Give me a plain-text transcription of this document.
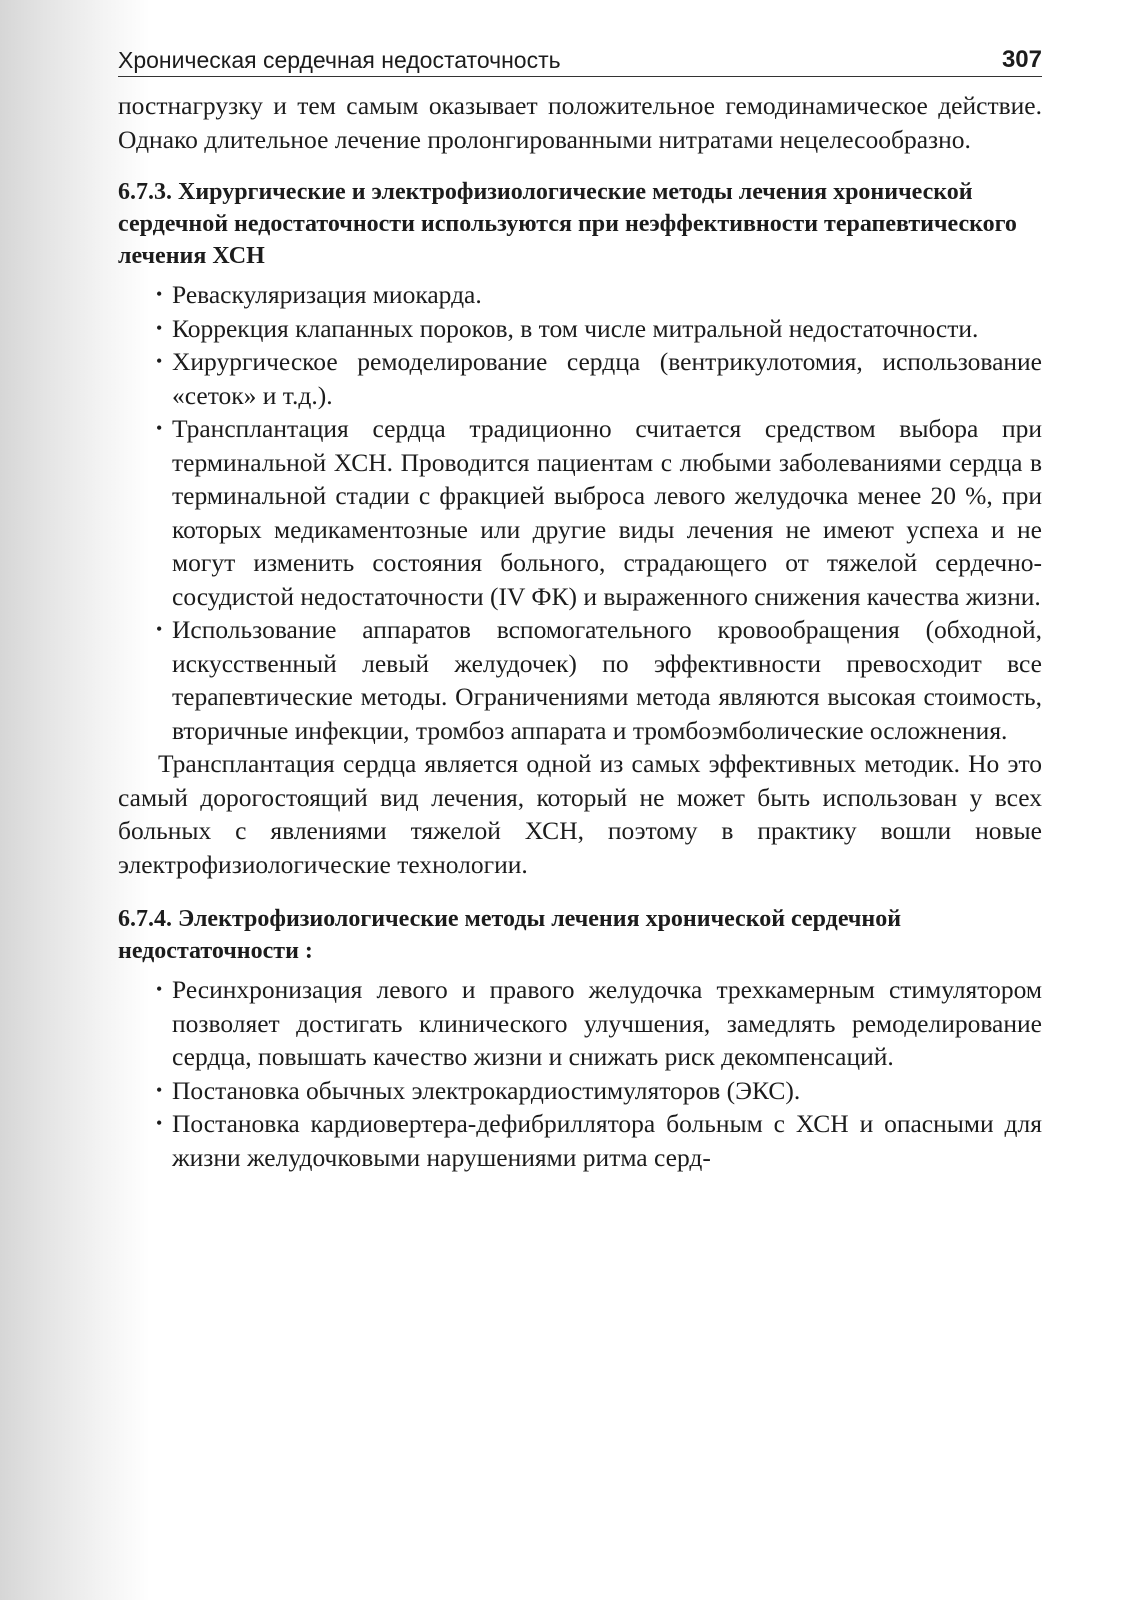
Хроническая сердечная недостаточность	307

постнагрузку и тем самым оказывает положительное гемодинамическое действие. Однако длительное лечение пролонгированными нитратами нецелесообразно.

6.7.3. Хирургические и электрофизиологические методы лечения хронической сердечной недостаточности используются при неэффективности терапевтического лечения ХСН

• Реваскуляризация миокарда.
• Коррекция клапанных пороков, в том числе митральной недостаточности.
• Хирургическое ремоделирование сердца (вентрикулотомия, использование «сеток» и т.д.).
• Трансплантация сердца традиционно считается средством выбора при терминальной ХСН. Проводится пациентам с любыми заболеваниями сердца в терминальной стадии с фракцией выброса левого желудочка менее 20 %, при которых медикаментозные или другие виды лечения не имеют успеха и не могут изменить состояния больного, страдающего от тяжелой сердечно-сосудистой недостаточности (IV ФК) и выраженного снижения качества жизни.
• Использование аппаратов вспомогательного кровообращения (обходной, искусственный левый желудочек) по эффективности превосходит все терапевтические методы. Ограничениями метода являются высокая стоимость, вторичные инфекции, тромбоз аппарата и тромбоэмболические осложнения.

Трансплантация сердца является одной из самых эффективных методик. Но это самый дорогостоящий вид лечения, который не может быть использован у всех больных с явлениями тяжелой ХСН, поэтому в практику вошли новые электрофизиологические технологии.

6.7.4. Электрофизиологические методы лечения хронической сердечной недостаточности :

• Ресинхронизация левого и правого желудочка трехкамерным стимулятором позволяет достигать клинического улучшения, замедлять ремоделирование сердца, повышать качество жизни и снижать риск декомпенсаций.
• Постановка обычных электрокардиостимуляторов (ЭКС).
• Постановка кардиовертера-дефибриллятора больным с ХСН и опасными для жизни желудочковыми нарушениями ритма серд-
